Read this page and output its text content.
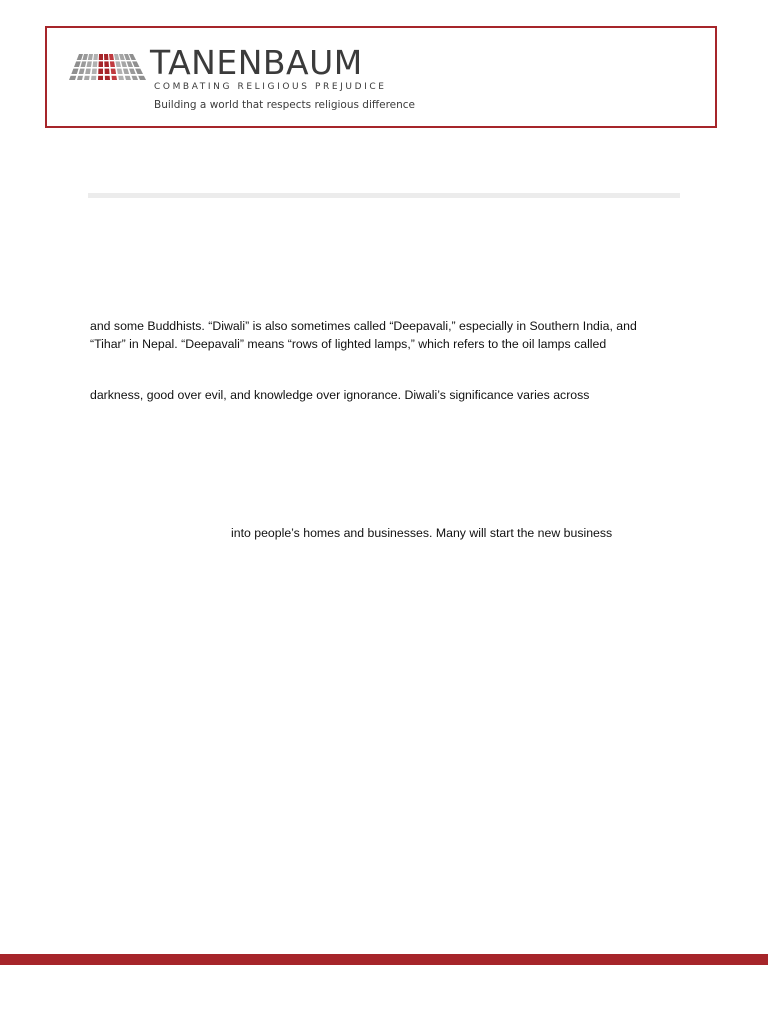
TANENBAUM
COMBATING RELIGIOUS PREJUDICE
Building a world that respects religious difference
and some Buddhists. “Diwali” is also sometimes called “Deepavali,” especially in Southern India, and
“Tihar” in Nepal. “Deepavali” means “rows of lighted lamps,” which refers to the oil lamps called
darkness, good over evil, and knowledge over ignorance. Diwali’s significance varies across
into people’s homes and businesses. Many will start the new business
